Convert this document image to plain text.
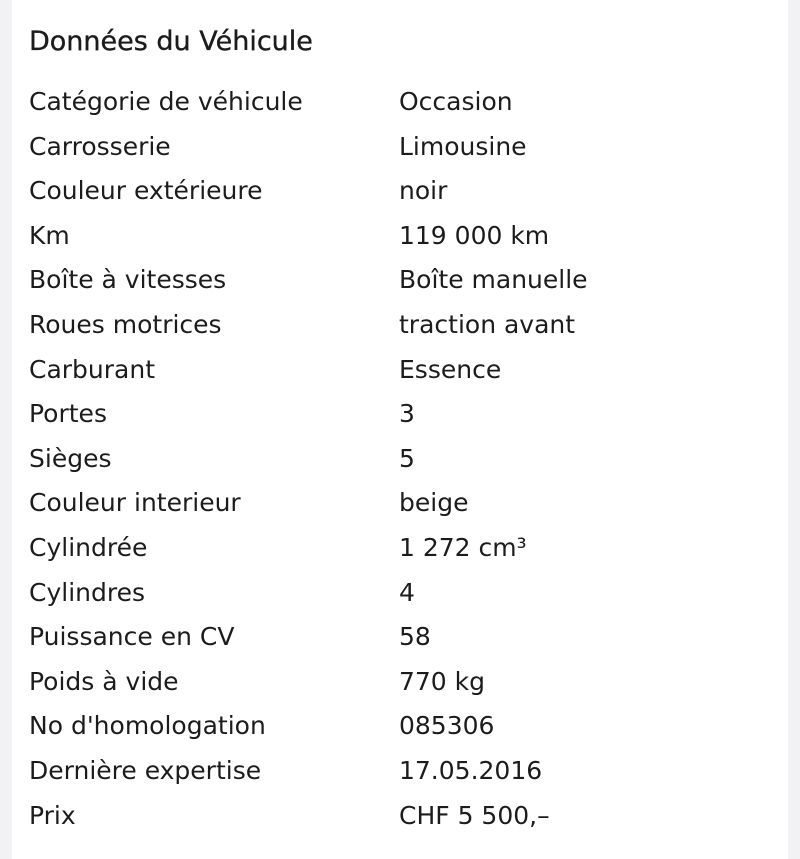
Données du Véhicule
Catégorie de véhicule	Occasion
Carrosserie	Limousine
Couleur extérieure	noir
Km	119 000 km
Boîte à vitesses	Boîte manuelle
Roues motrices	traction avant
Carburant	Essence
Portes	3
Sièges	5
Couleur interieur	beige
Cylindrée	1 272 cm³
Cylindres	4
Puissance en CV	58
Poids à vide	770 kg
No d'homologation	085306
Dernière expertise	17.05.2016
Prix	CHF 5 500,–
